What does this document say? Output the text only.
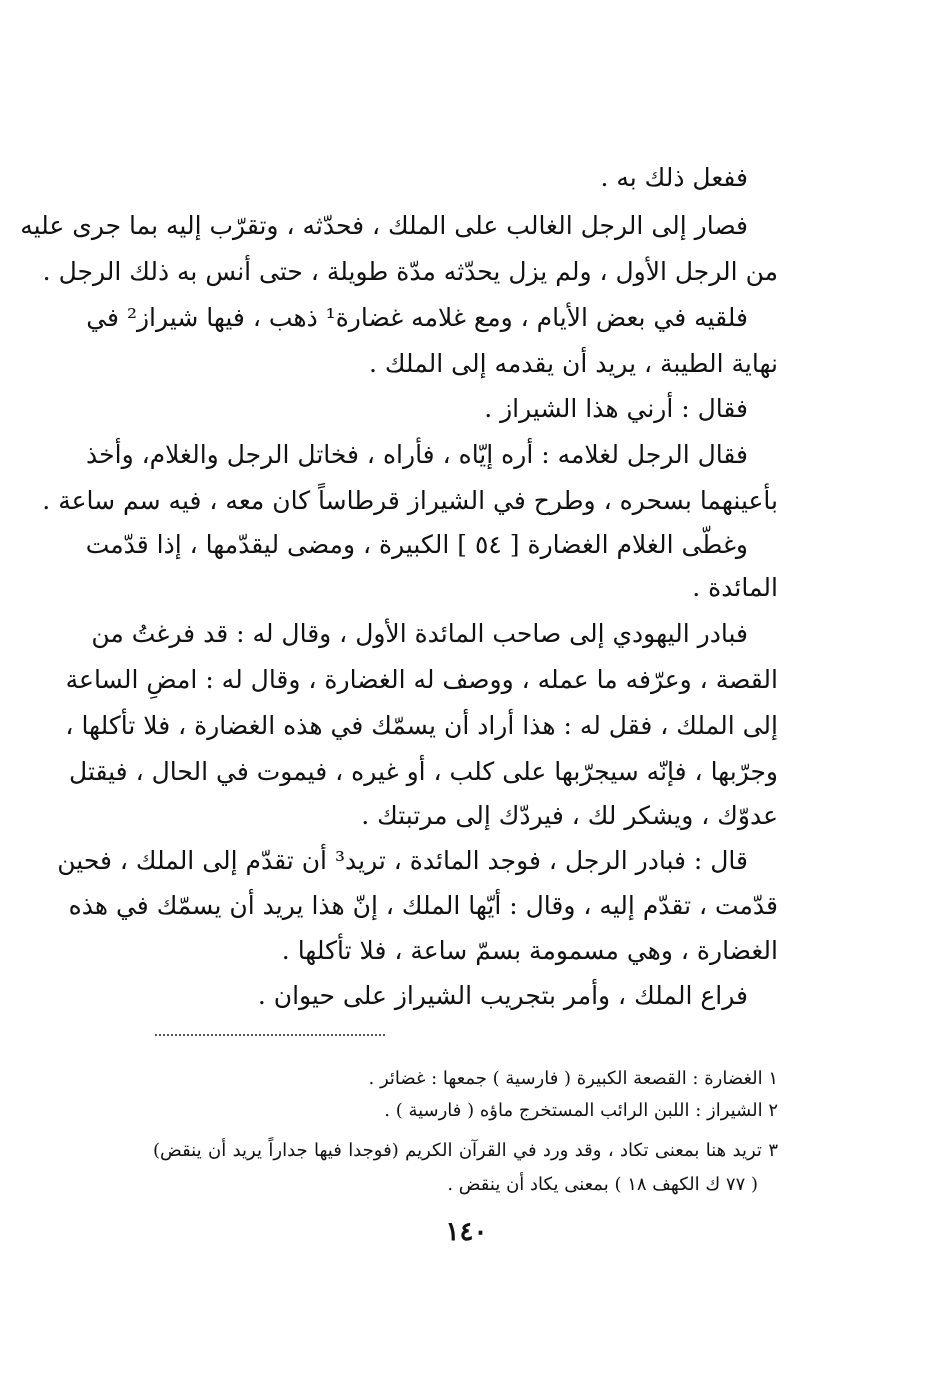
ففعل ذلك به .
فصار إلى الرجل الغالب على الملك ، فحدّثه ، وتقرّب إليه بما جرى عليه
من الرجل الأول ، ولم يزل يحدّثه مدّة طويلة ، حتى أنس به ذلك الرجل .
فلقيه في بعض الأيام ، ومع غلامه غضارة¹ ذهب ، فيها شيراز² في
نهاية الطيبة ، يريد أن يقدمه إلى الملك .
فقال : أرني هذا الشيراز .
فقال الرجل لغلامه : أره إيّاه ، فأراه ، فخاتل الرجل والغلام، وأخذ
بأعينهما بسحره ، وطرح في الشيراز قرطاساً كان معه ، فيه سم ساعة .
وغطّى الغلام الغضارة [ ٥٤ ] الكبيرة ، ومضى ليقدّمها ، إذا قدّمت
المائدة .
فبادر اليهودي إلى صاحب المائدة الأول ، وقال له : قد فرغتُ من
القصة ، وعرّفه ما عمله ، ووصف له الغضارة ، وقال له : امضِ الساعة
إلى الملك ، فقل له : هذا أراد أن يسمّك في هذه الغضارة ، فلا تأكلها ،
وجرّبها ، فإنّه سيجرّبها على كلب ، أو غيره ، فيموت في الحال ، فيقتل
عدوّك ، ويشكر لك ، فيردّك إلى مرتبتك .
قال : فبادر الرجل ، فوجد المائدة ، تريد³ أن تقدّم إلى الملك ، فحين
قدّمت ، تقدّم إليه ، وقال : أيّها الملك ، إنّ هذا يريد أن يسمّك في هذه
الغضارة ، وهي مسمومة بسمّ ساعة ، فلا تأكلها .
فراع الملك ، وأمر بتجريب الشيراز على حيوان .
١ الغضارة : القصعة الكبيرة ( فارسية ) جمعها : غضائر .
٢ الشيراز : اللبن الرائب المستخرج ماؤه ( فارسية ) .
٣ تريد هنا بمعنى تكاد ، وقد ورد في القرآن الكريم (فوجدا فيها جداراً يريد أن ينقض)
( ٧٧ ك الكهف ١٨ ) بمعنى يكاد أن ينقض .
١٤٠
